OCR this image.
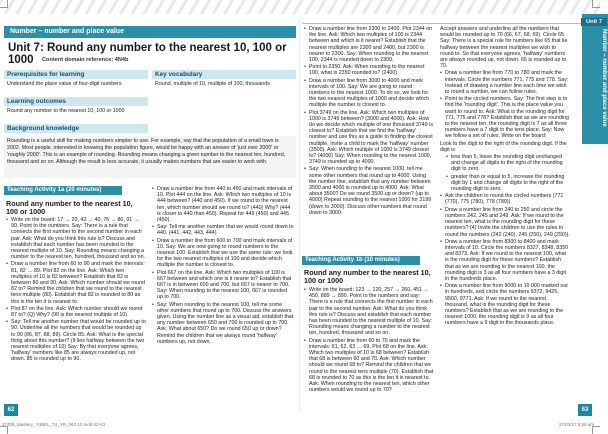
Number – number and place value
Unit 7: Round any number to the nearest 10, 100 or 1000	Content domain reference: 4N4b
Prerequisites for learning
Understand the place value of four-digit numbers
Key vocabulary
Round, multiple of 10, multiple of 100, thousands
Learning outcomes
Round any number to the nearest 10, 100 or 1000
Background knowledge
Rounding is a useful skill for making numbers simpler to use. For example, say that the population of a small town is 2002. Most people, interested in knowing the population figure, would be happy with an answer of 'just over 2000' or 'roughly 2000'. This is an example of rounding. Rounding means changing a given number to the nearest ten, hundred, thousand and so on. Although the result is less accurate, it usually makes numbers that are easier to work with.
Teaching Activity 1a (20 minutes)
Round any number to the nearest 10, 100 or 1000

• Write on the board: 17 → 20, 42 → 40, 76 → 80, 91 → 90. Point to the numbers. Say: There is a rule that connects the first number to the second number in each pair. Ask: What do you think this rule is? Discuss and establish that each number has been rounded to the nearest multiple of 10. Say: Rounding means changing a number to the nearest ten, hundred, thousand and so on.

• Draw a number line from 60 to 90 and mark the intervals: 81, 82 … 89. Plot 82 on the line. Ask: Which two multiples of 10 is 82 between? Establish that 82 is between 80 and 90. Ask: Which number should we round 82 to? Remind the children that we round to the nearest tens multiple (80). Establish that 82 is rounded to 80 as this is the ten it is nearest to.

• Plot 87 on the line. Ask: Which number should we round 87 to? (Q) Why? (90 is the nearest multiple of 10)

• Say: Tell me another number that would be rounded up to 90. Underline all the numbers that would be rounded up to 90 (86, 87, 88, 89). Circle 85. Ask: What is the special thing about this number? (It lies halfway between the two nearest multiples of 10) Say: By that everyone agrees, 'halfway' numbers like 85 are always rounded up, not down. 85 is rounded up to 90.

• Draw a number line from 440 to 450 and mark intervals of 10. Plot 444 on the line. Ask: Which two multiples of 10 is 444 between? (440 and 450). If we round to the nearest ten, which number should we round to? (440) Why? (444 is closer to 440 than 450). Repeat for 449 (450) and 445 (450).

• Say: Tell me another number that we would round down to 440. (441, 442, 443, 444)

• Draw a number line from 600 to 700 and mark intervals of 10. Say: We are now going to round numbers to the nearest 100. Establish that we use the same rule: we look for the two nearest multiples of 100 and decide which multiple the number is closest to.

• Plot 667 on the line. Ask: Which two multiples of 100 is 667 between and which one is it nearer to? Establish that 667 is in between 600 and 700, but 667 is nearer to 700. Say: When rounding to the nearest 100, 667 is rounded up to 700.

• Say: When rounding to the nearest 100, tell me some other numbers that round up to 700. Discuss the answers given. Using the number line as a visual aid, establish that any number between 650 and 700 is rounded up to 700. Ask: What about 650? Do we round 650 up or down? Remind the children that we always round 'halfway' numbers up, not down.

62
Unit 7
Number – number and place value

• Draw a number line from 2300 to 2400. Plot 2344 on the line. Ask: Which two multiples of 100 is 2344 between and which is it nearer? Establish that the nearest multiples are 2300 and 2400, but 2300 is nearer to 2300. Say: When rounding to the nearest 100, 2344 is rounded down to 2300.

• Point to 2350. Ask: When rounding to the nearest 100, what is 2350 rounded to? (2400)

• Draw a number line from 3000 to 4000 and mark intervals of 100. Say: We are going to round numbers to the nearest 1000. To do so, we look for the two nearest multiples of 1000 and decide which multiple the number is closest to.

• Plot 3749 on the line. Ask: Which two multiples of 1000 is 3749 between? (3000 and 4000). Ask: How do we decide which multiple of one thousand 3749 is closest to? Establish that we find the 'halfway' number and use this as a guide to finding the closest multiple. Invite a child to mark the 'halfway' number (3500). Ask: Which multiple of 1000 is 3749 closest to? (4000) Say: When rounding to the nearest 1000, 3749 is rounded up to 4000.

• Say: When rounding to the nearest 1000, tell me some other numbers that round up to 4000. Using the number line, establish that any number between 3500 and 4000 is rounded up to 4000. Ask: What about 3500? Do we round 3500 up or down? (up to 4000) Repeat rounding to the nearest 1000 for 3199 (down to 3000). Discuss other numbers that round down to 3000.

Teaching Activity 1b (10 minutes)
Round any number to the nearest 10, 100 or 1000

• Write on the board: 123 → 120, 257 → 260, 451 → 450, 889 → 890. Point to the numbers and say: There is a rule that connects the first number in each pair to the second number. Ask: What do you think this rule is? Discuss and establish that each number has been rounded to the nearest multiple of 10. Say: Rounding means changing a number to the nearest ten, hundred, thousand and so on.

• Draw a number line from 60 to 70 and mark the intervals: 61, 62, 63 … 69. Plot 68 on the line. Ask: Which two multiples of 10 is 68 between? Establish that 68 is between 60 and 70. Ask: Which number should we round 68 to? Remind the children that we round to the nearest tens multiple (70). Establish that 68 is rounded to 70 as this is the ten it is nearest to. Ask: When rounding to the nearest ten, which other numbers would we round up to 70?

Accept answers and underline all the numbers that would be rounded up to 70 (66, 67, 68, 69). Circle 65. Say: There is a special rule for numbers like 65 that lie halfway between the nearest multiples we wish to round to. So that everyone agrees, 'halfway' numbers are always rounded up, not down. 65 is rounded up to 70.

• Draw a number line from 770 to 780 and mark the intervals. Circle the numbers 771, 775 and 778. Say: Instead of drawing a number line each time we wish to round a number, we can follow rules.

• Point to the circled numbers. Say: The first step is to find the 'rounding digit'. This is the place value you want to round to. Ask: What is the rounding digit for 771, 775 and 778? Establish that as we are rounding to the nearest ten, the rounding digit is 7 as all three numbers have a 7 digit in the tens place. Say: Now we follow a set of rules. Write on the board:

Look to the digit to the right of the rounding digit. If the digit is

• less than 5, leave the rounding digit unchanged and change all digits to the right of the rounding digit to zero.

• greater than or equal to 5, increase the rounding digit by 1 and change all digits to the right of the rounding digit to zero.

• Ask the children to round the circled numbers (771 (770), 775 (780), 778 (780)).

• Draw a number line from 240 to 250 and circle the numbers 242, 245 and 249. Ask: If we round to the nearest ten, what is the rounding digit for these numbers? (4) Invite the children to use the rules to round the numbers (242 (240), 245 (250), 249 (250)).

• Draw a number line from 8300 to 8400 and mark intervals of 10. Circle the numbers 8327, 8348, 8350 and 8373. Ask: If we round to the nearest 100, what is the rounding digit for these numbers? Establish that as we are rounding to the nearest 100, the rounding digit is 3 as all four numbers have a 3 digit in the hundreds place.

• Draw a number line from 9000 to 10 000 marked out in hundreds, and circle the numbers 9372, 9425, 9500, 9771. Ask: If we round to the nearest thousand, what is the rounding digit for these numbers? Establish that as we are rounding to the nearest 1000, the rounding digit is 9 as all four numbers have a 9 digit in the thousands place.

63
37408_Mastery_Y4BKL_T4_YR_062-10.indd 62-63	27/03/17 9:58 am
